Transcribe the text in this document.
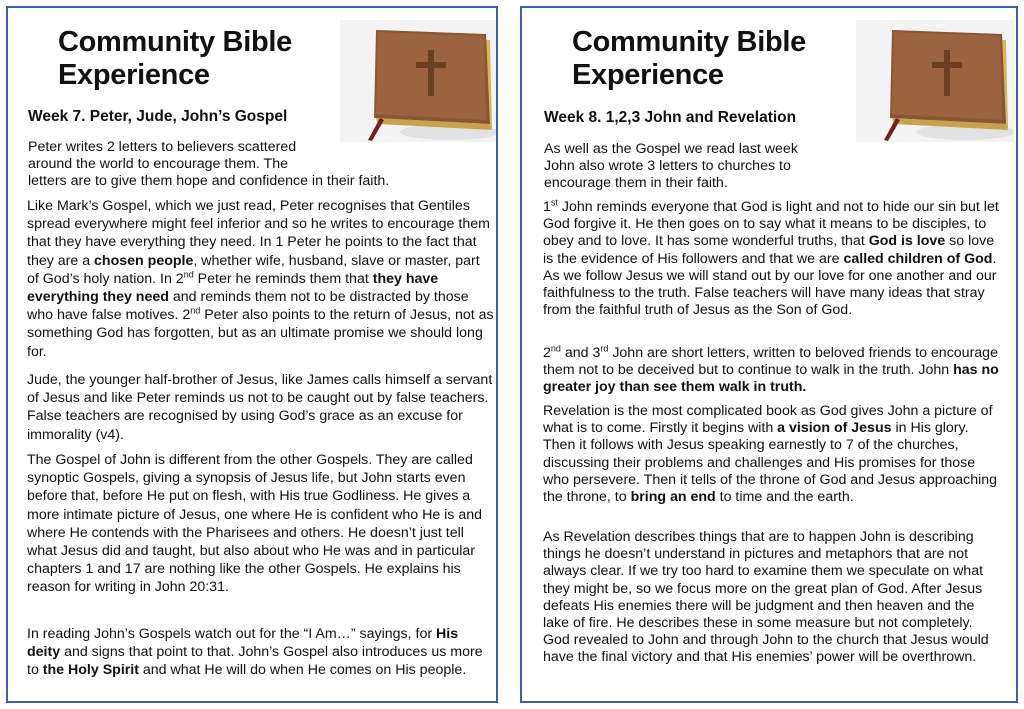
Community Bible
Experience
Week 7. Peter, Jude, John’s Gospel
Peter writes 2 letters to believers scattered
around the world to encourage them. The
letters are to give them hope and confidence in their faith.
Like Mark’s Gospel, which we just read, Peter recognises that Gentiles spread everywhere might feel inferior and so he writes to encourage them that they have everything they need. In 1 Peter he points to the fact that they are a chosen people, whether wife, husband, slave or master, part of God’s holy nation. In 2nd Peter he reminds them that they have everything they need and reminds them not to be distracted by those who have false motives. 2nd Peter also points to the return of Jesus, not as something God has forgotten, but as an ultimate promise we should long for.
Jude, the younger half-brother of Jesus, like James calls himself a servant of Jesus and like Peter reminds us not to be caught out by false teachers. False teachers are recognised by using God’s grace as an excuse for immorality (v4).
The Gospel of John is different from the other Gospels. They are called synoptic Gospels, giving a synopsis of Jesus life, but John starts even before that, before He put on flesh, with His true Godliness. He gives a more intimate picture of Jesus, one where He is confident who He is and where He contends with the Pharisees and others. He doesn’t just tell what Jesus did and taught, but also about who He was and in particular chapters 1 and 17 are nothing like the other Gospels. He explains his reason for writing in John 20:31.
In reading John’s Gospels watch out for the “I Am…” sayings, for His deity and signs that point to that. John’s Gospel also introduces us more to the Holy Spirit and what He will do when He comes on His people.
Community Bible
Experience
Week 8. 1,2,3 John and Revelation
As well as the Gospel we read last week
John also wrote 3 letters to churches to
encourage them in their faith.
1st John reminds everyone that God is light and not to hide our sin but let God forgive it. He then goes on to say what it means to be disciples, to obey and to love. It has some wonderful truths, that God is love so love is the evidence of His followers and that we are called children of God. As we follow Jesus we will stand out by our love for one another and our faithfulness to the truth. False teachers will have many ideas that stray from the faithful truth of Jesus as the Son of God.
2nd and 3rd John are short letters, written to beloved friends to encourage them not to be deceived but to continue to walk in the truth. John has no greater joy than see them walk in truth.
Revelation is the most complicated book as God gives John a picture of what is to come. Firstly it begins with a vision of Jesus in His glory. Then it follows with Jesus speaking earnestly to 7 of the churches, discussing their problems and challenges and His promises for those who persevere. Then it tells of the throne of God and Jesus approaching the throne, to bring an end to time and the earth.
As Revelation describes things that are to happen John is describing things he doesn’t understand in pictures and metaphors that are not always clear. If we try too hard to examine them we speculate on what they might be, so we focus more on the great plan of God. After Jesus defeats His enemies there will be judgment and then heaven and the lake of fire. He describes these in some measure but not completely. God revealed to John and through John to the church that Jesus would have the final victory and that His enemies’ power will be overthrown.
